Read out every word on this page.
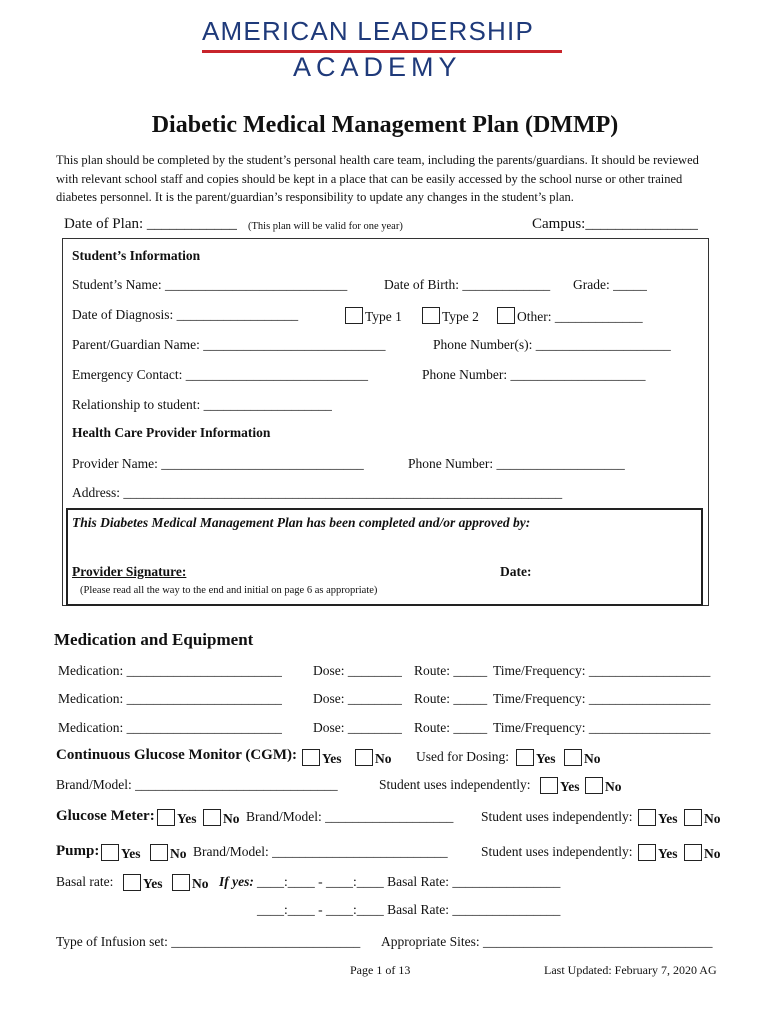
AMERICAN LEADERSHIP
ACADEMY
Diabetic Medical Management Plan (DMMP)
This plan should be completed by the student’s personal health care team, including the parents/guardians. It should be reviewed with relevant school staff and copies should be kept in a place that can be easily accessed by the school nurse or other trained diabetes personnel. It is the parent/guardian’s responsibility to update any changes in the student’s plan.
Date of Plan: ____________ (This plan will be valid for one year)	Campus:_______________
Student’s Information
Student’s Name: ___________________________	Date of Birth: _____________ Grade: _____
Date of Diagnosis: __________________	Type 1	Type 2	Other: _____________
Parent/Guardian Name: ___________________________	Phone Number(s): ____________________
Emergency Contact: ___________________________	Phone Number: ____________________
Relationship to student: ___________________
Health Care Provider Information
Provider Name: ______________________________	Phone Number: ___________________
Address: _________________________________________________________________
This Diabetes Medical Management Plan has been completed and/or approved by:
Provider Signature:	Date:
(Please read all the way to the end and initial on page 6 as appropriate)
Medication and Equipment
Medication: _______________________ Dose: ________ Route: _____ Time/Frequency: __________________
Medication: _______________________ Dose: ________ Route: _____ Time/Frequency: __________________
Medication: _______________________ Dose: ________ Route: _____ Time/Frequency: __________________
Continuous Glucose Monitor (CGM):	Yes	No Used for Dosing:	Yes	No
Brand/Model: ______________________________	Student uses independently:	Yes	No
Glucose Meter:	Yes	No Brand/Model: ___________________ Student uses independently:	Yes	No
Pump:	Yes	No Brand/Model: __________________________ Student uses independently:	Yes	No
Basal rate:	Yes	No If yes: ____:____ - ____:____ Basal Rate: ________________
____:____ - ____:____ Basal Rate: ________________
Type of Infusion set: ____________________________ Appropriate Sites: __________________________________
Page 1 of 13	Last Updated: February 7, 2020 AG
